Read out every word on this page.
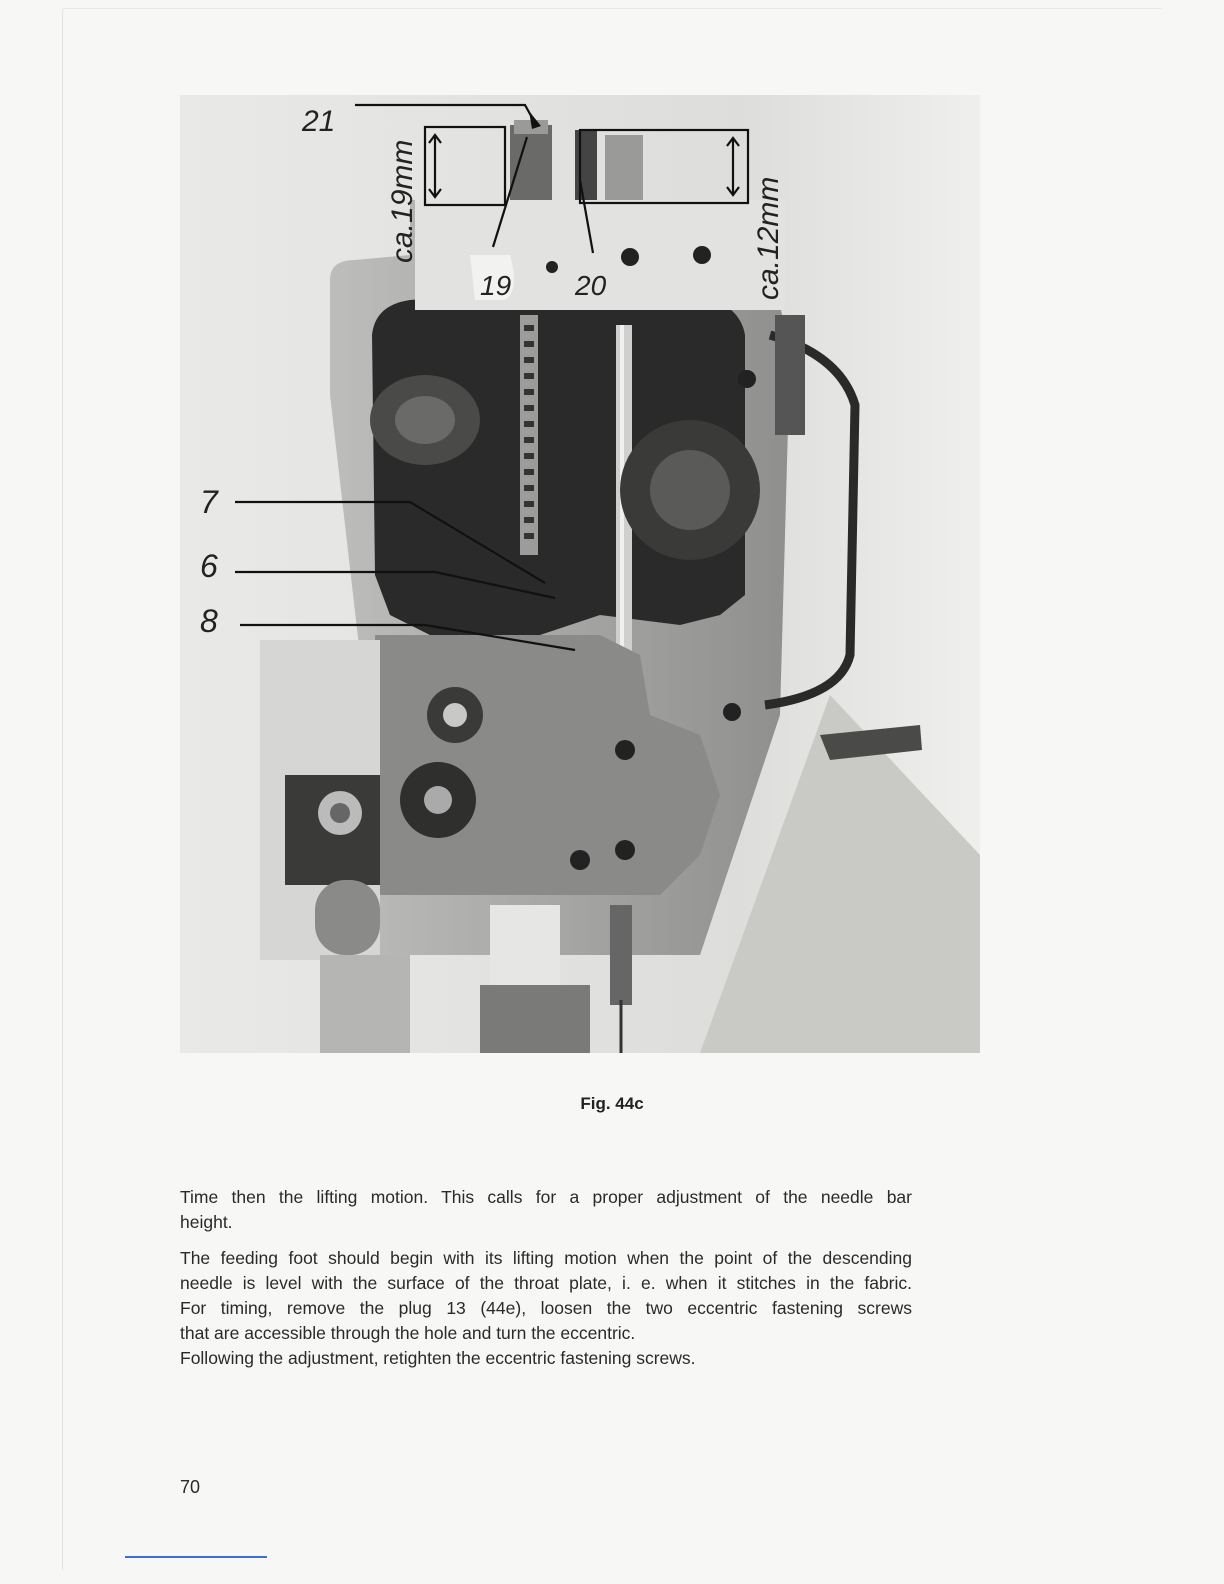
21
19 20
7
6
8
ca.19mm	ca.12mm
Fig. 44c

Time then the lifting motion. This calls for a proper adjustment of the needle bar
height.

The feeding foot should begin with its lifting motion when the point of the descending
needle is level with the surface of the throat plate, i. e. when it stitches in the fabric.
For timing, remove the plug 13 (44e), loosen the two eccentric fastening screws
that are accessible through the hole and turn the eccentric.
Following the adjustment, retighten the eccentric fastening screws.

70
